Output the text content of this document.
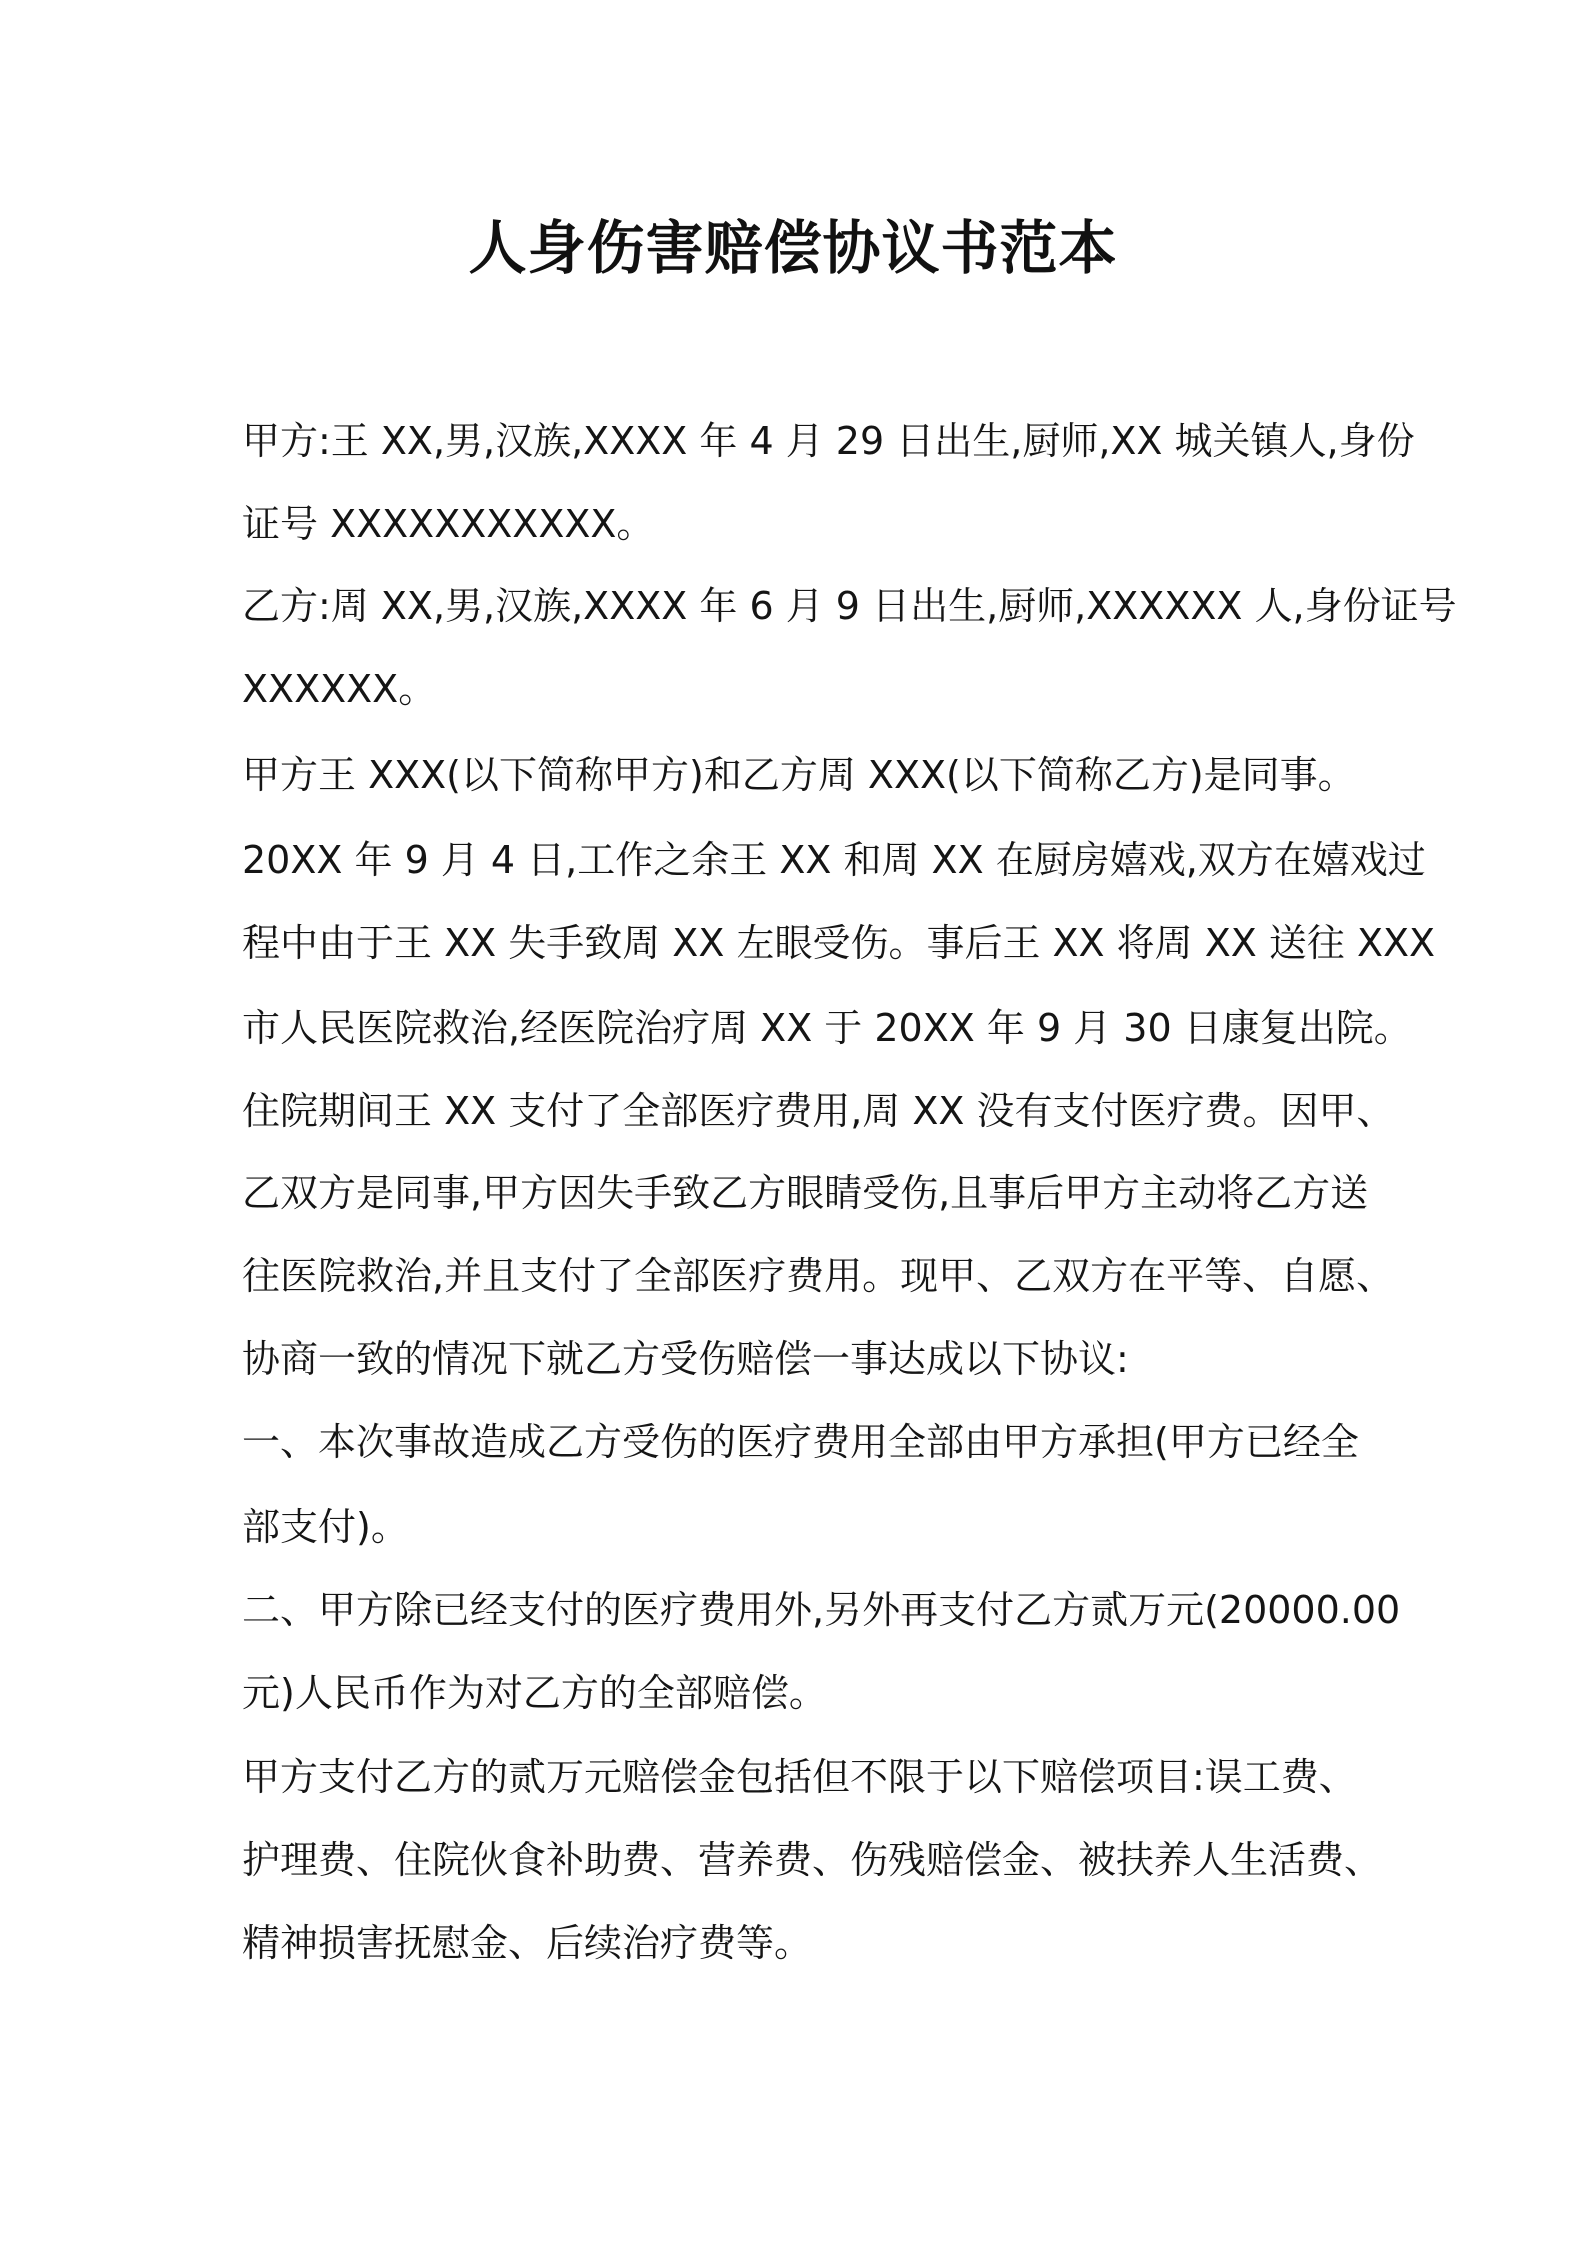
人身伤害赔偿协议书范本

甲方:王 XX,男,汉族,XXXX 年 4 月 29 日出生,厨师,XX 城关镇人,身份

证号 XXXXXXXXXXX。

乙方:周 XX,男,汉族,XXXX 年 6 月 9 日出生,厨师,XXXXXX 人,身份证号

XXXXXX。

甲方王 XXX(以下简称甲方)和乙方周 XXX(以下简称乙方)是同事。

20XX 年 9 月 4 日,工作之余王 XX 和周 XX 在厨房嬉戏,双方在嬉戏过

程中由于王 XX 失手致周 XX 左眼受伤。事后王 XX 将周 XX 送往 XXX

市人民医院救治,经医院治疗周 XX 于 20XX 年 9 月 30 日康复出院。

住院期间王 XX 支付了全部医疗费用,周 XX 没有支付医疗费。因甲、

乙双方是同事,甲方因失手致乙方眼睛受伤,且事后甲方主动将乙方送

往医院救治,并且支付了全部医疗费用。现甲、乙双方在平等、自愿、

协商一致的情况下就乙方受伤赔偿一事达成以下协议:

一、本次事故造成乙方受伤的医疗费用全部由甲方承担(甲方已经全

部支付)。

二、甲方除已经支付的医疗费用外,另外再支付乙方贰万元(20000.00

元)人民币作为对乙方的全部赔偿。

甲方支付乙方的贰万元赔偿金包括但不限于以下赔偿项目:误工费、

护理费、住院伙食补助费、营养费、伤残赔偿金、被扶养人生活费、

精神损害抚慰金、后续治疗费等。
